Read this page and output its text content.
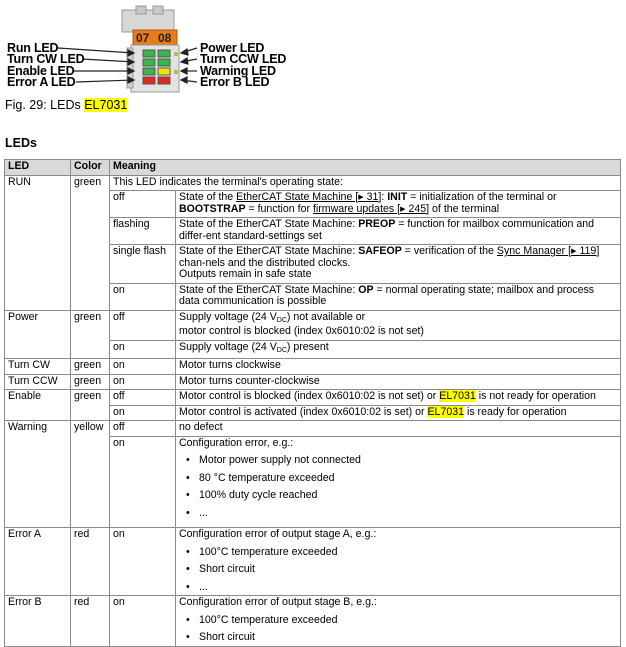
07 08
Run LED
Turn CW LED
Enable LED
Error A LED
Power LED
Turn CCW LED
Warning LED
Error B LED
Fig. 29: LEDs EL7031
LEDs
LED	Color	Meaning	
RUN	green	This LED indicates the terminal's operating state:	
		off	State of the EtherCAT State Machine [▶ 31]: INIT = initialization of the terminal or BOOTSTRAP = function for firmware updates [▶ 245] of the terminal
		flashing	State of the EtherCAT State Machine: PREOP = function for mailbox communication and differ-ent standard-settings set
		single flash	State of the EtherCAT State Machine: SAFEOP = verification of the Sync Manager [▶ 119] chan-nels and the distributed clocks.
Outputs remain in safe state
		on	State of the EtherCAT State Machine: OP = normal operating state; mailbox and process data communication is possible
Power	green	off	Supply voltage (24 $V_{DC}$) not available or
motor control is blocked (index 0x6010:02 is not set)
		on	Supply voltage (24 $V_{DC}$) present
Turn CW	green	on	Motor turns clockwise
Turn CCW	green	on	Motor turns counter-clockwise
Enable	green	off	Motor control is blocked (index 0x6010:02 is not set) or EL7031 is not ready for operation
		on	Motor control is activated (index 0x6010:02 is set) or EL7031 is ready for operation
Warning	yellow	off	no defect
		on	Configuration error, e.g.:
• Motor power supply not connected
• 80 °C temperature exceeded
• 100% duty cycle reached
• ...

Error A	red	on	Configuration error of output stage A, e.g.:
• 100°C temperature exceeded
• Short circuit
• ...

Error B	red	on	Configuration error of output stage B, e.g.:
• 100°C temperature exceeded
• Short circuit
